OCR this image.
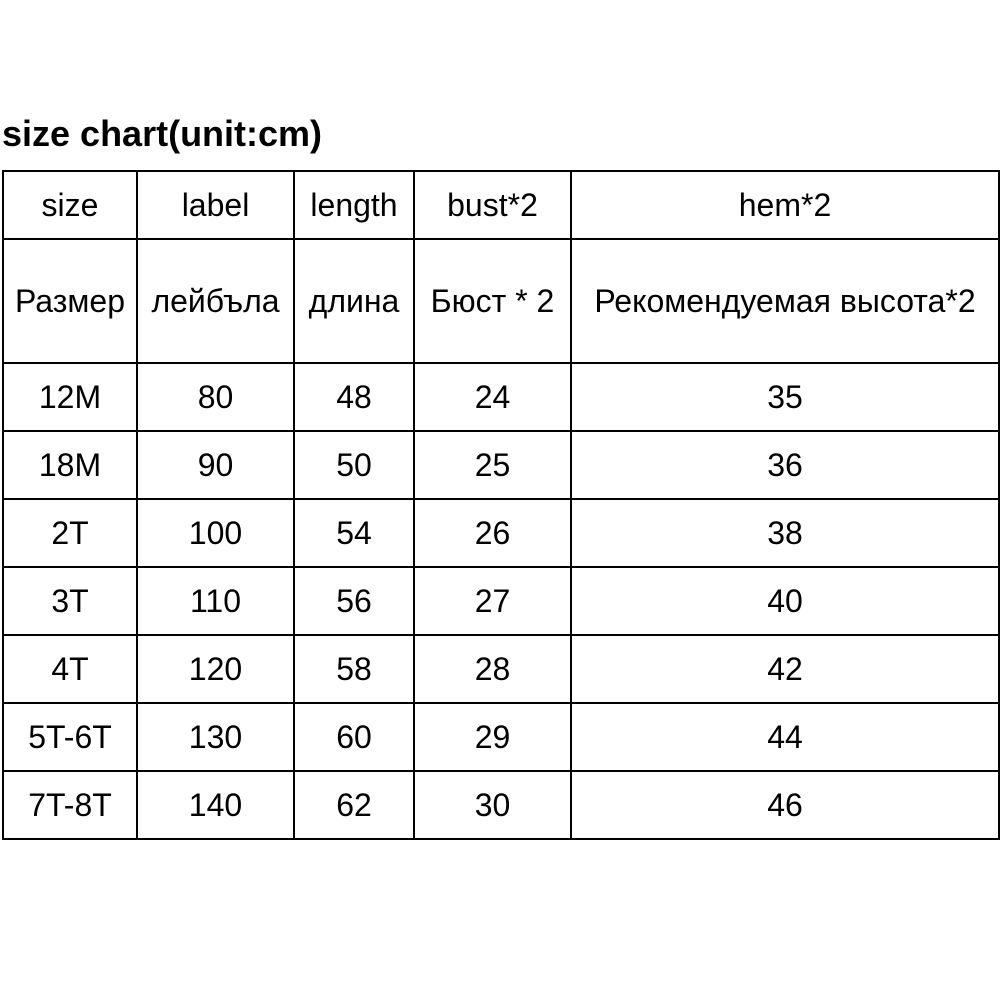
size chart(unit:cm)
size	label	length	bust*2	hem*2
Размер	лейбъла	длина	Бюст * 2	Рекомендуемая высота*2
12M	80	48	24	35
18M	90	50	25	36
2T	100	54	26	38
3T	110	56	27	40
4T	120	58	28	42
5T-6T	130	60	29	44
7T-8T	140	62	30	46
